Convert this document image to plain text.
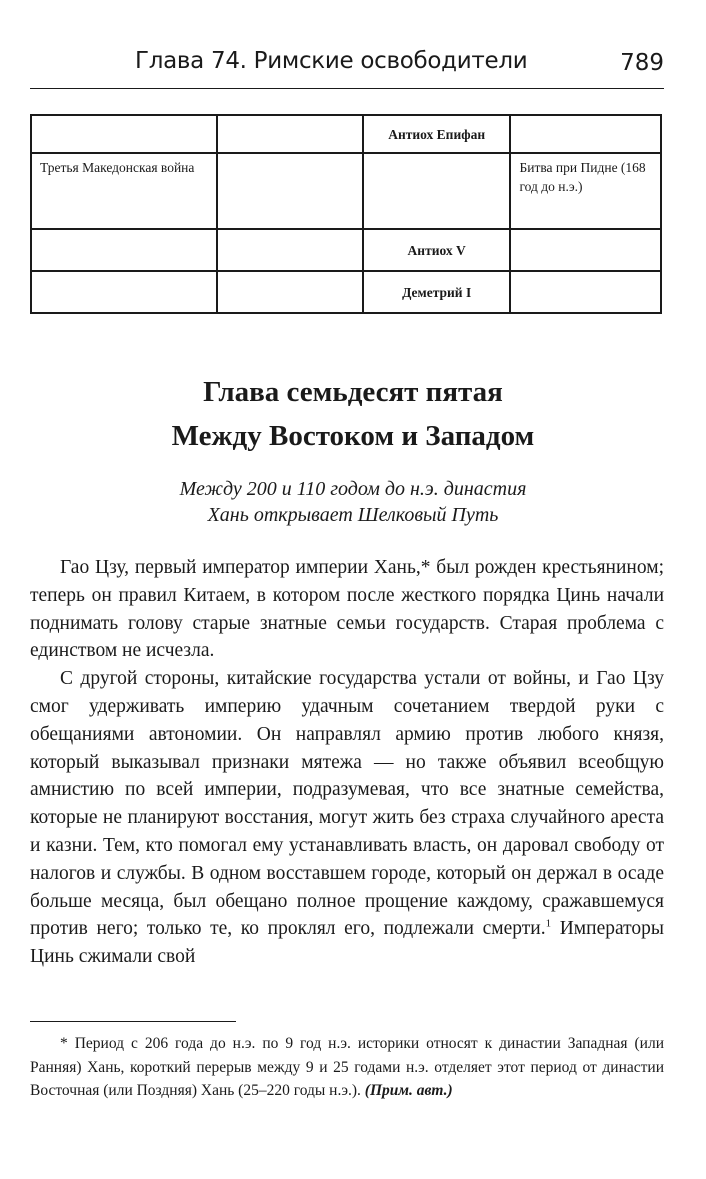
Глава 74. Римские освободители	789
		Антиох Епифан	
Третья Македонская война			Битва при Пидне (168 год до н.э.)
		Антиох V	
		Деметрий I	
Глава семьдесят пятая
Между Востоком и Западом
Между 200 и 110 годом до н.э. династия
Хань открывает Шелковый Путь

Гао Цзу, первый император империи Хань,* был рожден крестьянином; теперь он правил Китаем, в котором после жесткого порядка Цинь начали поднимать голову старые знатные семьи государств. Старая проблема с единством не исчезла.

С другой стороны, китайские государства устали от войны, и Гао Цзу смог удерживать империю удачным сочетанием твердой руки с обещаниями автономии. Он направлял армию против любого князя, который выказывал признаки мятежа — но также объявил всеобщую амнистию по всей империи, подразумевая, что все знатные семейства, которые не планируют восстания, могут жить без страха случайного ареста и казни. Тем, кто помогал ему устанавливать власть, он даровал свободу от налогов и службы. В одном восставшем городе, который он держал в осаде больше месяца, был обещано полное прощение каждому, сражавшемуся против него; только те, ко проклял его, подлежали смерти.$^1$ Императоры Цинь сжимали свой

* Период с 206 года до н.э. по 9 год н.э. историки относят к династии Западная (или Ранняя) Хань, короткий перерыв между 9 и 25 годами н.э. отделяет этот период от династии Восточная (или Поздняя) Хань (25–220 годы н.э.). (Прим. авт.)
